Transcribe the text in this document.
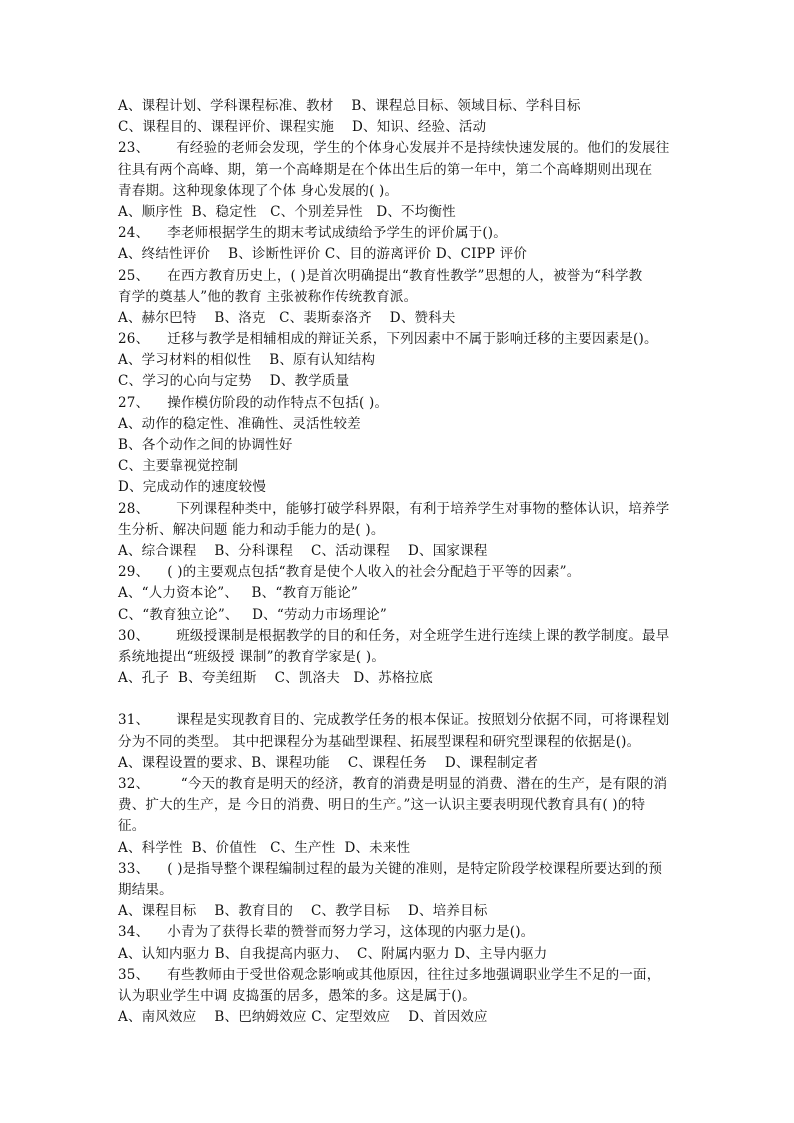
A、课程计划、学科课程标准、教材    B、课程总目标、领域目标、学科目标
C、课程目的、课程评价、课程实施    D、知识、经验、活动
23、      有经验的老师会发现，学生的个体身心发展并不是持续快速发展的。他们的发展往
往具有两个高峰、期，第一个高峰期是在个体出生后的第一年中，第二个高峰期则出现在
青春期。这种现象体现了个体 身心发展的( )。
A、顺序性  B、稳定性   C、个别差异性   D、不均衡性
24、    李老师根据学生的期末考试成绩给予学生的评价属于()。
A、终结性评价    B、诊断性评价 C、目的游离评价 D、CIPP 评价
25、    在西方教育历史上，( )是首次明确提出“教育性教学”思想的人，被誉为“科学教
育学的奠基人”他的教育 主张被称作传统教育派。
A、赫尔巴特    B、洛克   C、裴斯泰洛齐    D、赞科夫
26、    迁移与教学是相辅相成的辩证关系，下列因素中不属于影响迁移的主要因素是()。
A、学习材料的相似性    B、原有认知结构
C、学习的心向与定势    D、教学质量
27、    操作模仿阶段的动作特点不包括( )。
A、动作的稳定性、准确性、灵活性较差
B、各个动作之间的协调性好
C、主要靠视觉控制
D、完成动作的速度较慢
28、      下列课程种类中，能够打破学科界限，有利于培养学生对事物的整体认识，培养学
生分析、解决问题 能力和动手能力的是( )。
A、综合课程    B、分科课程    C、活动课程    D、国家课程
29、    ( )的主要观点包括“教育是使个人收入的社会分配趋于平等的因素”。
A、“人力资本论”、   B、“教育万能论”
C、“教育独立论”、   D、“劳动力市场理论”
30、      班级授课制是根据教学的目的和任务，对全班学生进行连续上课的教学制度。最早
系统地提出“班级授 课制”的教育学家是( )。
A、孔子  B、夸美纽斯    C、凯洛夫   D、苏格拉底
31、      课程是实现教育目的、完成教学任务的根本保证。按照划分依据不同，可将课程划
分为不同的类型。 其中把课程分为基础型课程、拓展型课程和研究型课程的依据是()。
A、课程设置的要求、B、课程功能    C、课程任务    D、课程制定者
32、       “今天的教育是明天的经济，教育的消费是明显的消费、潜在的生产，是有限的消
费、扩大的生产，是 今日的消费、明日的生产。”这一认识主要表明现代教育具有( )的特
征。
A、科学性  B、价值性   C、生产性  D、未来性
33、    ( )是指导整个课程编制过程的最为关键的准则，是特定阶段学校课程所要达到的预
期结果。
A、课程目标    B、教育目的    C、教学目标    D、培养目标
34、    小青为了获得长辈的赞誉而努力学习，这体现的内驱力是()。
A、认知内驱力 B、自我提高内驱力、  C、附属内驱力 D、主导内驱力
35、    有些教师由于受世俗观念影响或其他原因，往往过多地强调职业学生不足的一面，
认为职业学生中调 皮捣蛋的居多，愚笨的多。这是属于()。
A、南风效应    B、巴纳姆效应 C、定型效应    D、首因效应
